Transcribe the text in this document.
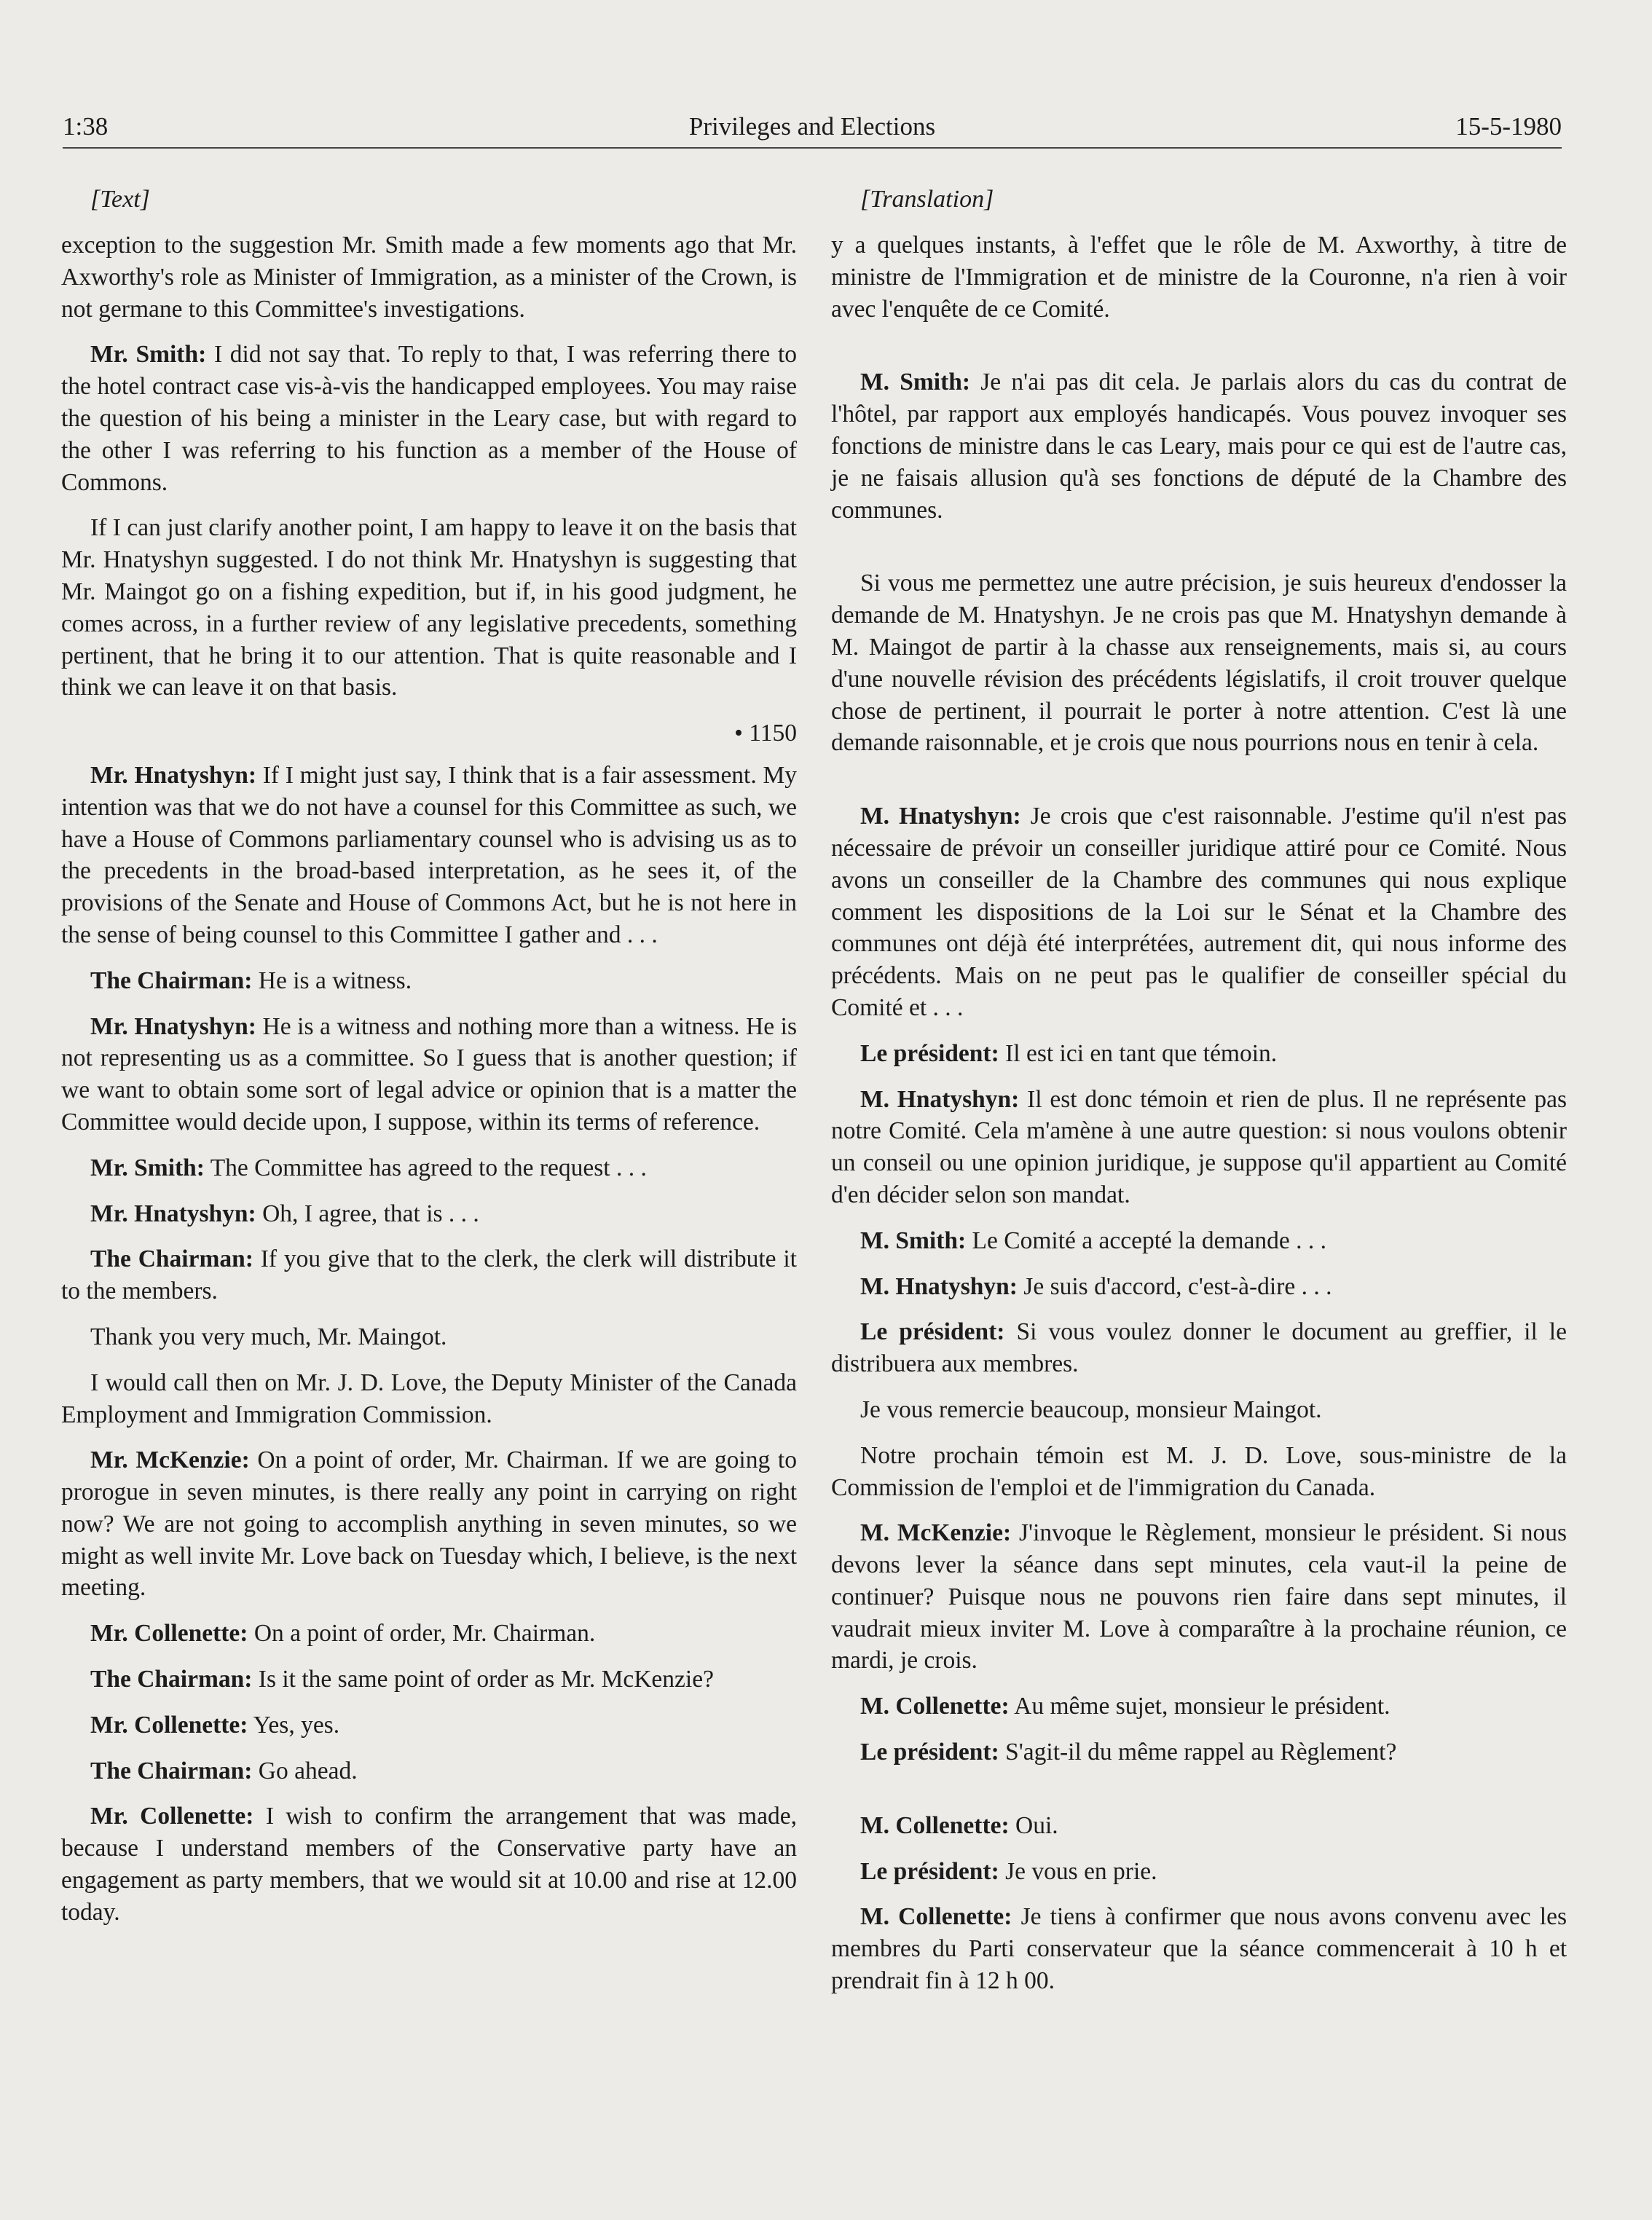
1:38	Privileges and Elections	15-5-1980

[Text]

exception to the suggestion Mr. Smith made a few moments ago that Mr. Axworthy's role as Minister of Immigration, as a minister of the Crown, is not germane to this Committee's investigations.

Mr. Smith: I did not say that. To reply to that, I was referring there to the hotel contract case vis-à-vis the handicapped employees. You may raise the question of his being a minister in the Leary case, but with regard to the other I was referring to his function as a member of the House of Commons.

If I can just clarify another point, I am happy to leave it on the basis that Mr. Hnatyshyn suggested. I do not think Mr. Hnatyshyn is suggesting that Mr. Maingot go on a fishing expedition, but if, in his good judgment, he comes across, in a further review of any legislative precedents, something pertinent, that he bring it to our attention. That is quite reasonable and I think we can leave it on that basis.

• 1150

Mr. Hnatyshyn: If I might just say, I think that is a fair assessment. My intention was that we do not have a counsel for this Committee as such, we have a House of Commons parliamentary counsel who is advising us as to the precedents in the broad-based interpretation, as he sees it, of the provisions of the Senate and House of Commons Act, but he is not here in the sense of being counsel to this Committee I gather and . . .

The Chairman: He is a witness.

Mr. Hnatyshyn: He is a witness and nothing more than a witness. He is not representing us as a committee. So I guess that is another question; if we want to obtain some sort of legal advice or opinion that is a matter the Committee would decide upon, I suppose, within its terms of reference.

Mr. Smith: The Committee has agreed to the request . . .

Mr. Hnatyshyn: Oh, I agree, that is . . .

The Chairman: If you give that to the clerk, the clerk will distribute it to the members.

Thank you very much, Mr. Maingot.

I would call then on Mr. J. D. Love, the Deputy Minister of the Canada Employment and Immigration Commission.

Mr. McKenzie: On a point of order, Mr. Chairman. If we are going to prorogue in seven minutes, is there really any point in carrying on right now? We are not going to accomplish anything in seven minutes, so we might as well invite Mr. Love back on Tuesday which, I believe, is the next meeting.

Mr. Collenette: On a point of order, Mr. Chairman.

The Chairman: Is it the same point of order as Mr. McKenzie?

Mr. Collenette: Yes, yes.

The Chairman: Go ahead.

Mr. Collenette: I wish to confirm the arrangement that was made, because I understand members of the Conservative party have an engagement as party members, that we would sit at 10.00 and rise at 12.00 today.

[Translation]

y a quelques instants, à l'effet que le rôle de M. Axworthy, à titre de ministre de l'Immigration et de ministre de la Couronne, n'a rien à voir avec l'enquête de ce Comité.

M. Smith: Je n'ai pas dit cela. Je parlais alors du cas du contrat de l'hôtel, par rapport aux employés handicapés. Vous pouvez invoquer ses fonctions de ministre dans le cas Leary, mais pour ce qui est de l'autre cas, je ne faisais allusion qu'à ses fonctions de député de la Chambre des communes.

Si vous me permettez une autre précision, je suis heureux d'endosser la demande de M. Hnatyshyn. Je ne crois pas que M. Hnatyshyn demande à M. Maingot de partir à la chasse aux renseignements, mais si, au cours d'une nouvelle révision des précédents législatifs, il croit trouver quelque chose de pertinent, il pourrait le porter à notre attention. C'est là une demande raisonnable, et je crois que nous pourrions nous en tenir à cela.

M. Hnatyshyn: Je crois que c'est raisonnable. J'estime qu'il n'est pas nécessaire de prévoir un conseiller juridique attiré pour ce Comité. Nous avons un conseiller de la Chambre des communes qui nous explique comment les dispositions de la Loi sur le Sénat et la Chambre des communes ont déjà été interprétées, autrement dit, qui nous informe des précédents. Mais on ne peut pas le qualifier de conseiller spécial du Comité et . . .

Le président: Il est ici en tant que témoin.

M. Hnatyshyn: Il est donc témoin et rien de plus. Il ne représente pas notre Comité. Cela m'amène à une autre question: si nous voulons obtenir un conseil ou une opinion juridique, je suppose qu'il appartient au Comité d'en décider selon son mandat.

M. Smith: Le Comité a accepté la demande . . .

M. Hnatyshyn: Je suis d'accord, c'est-à-dire . . .

Le président: Si vous voulez donner le document au greffier, il le distribuera aux membres.

Je vous remercie beaucoup, monsieur Maingot.

Notre prochain témoin est M. J. D. Love, sous-ministre de la Commission de l'emploi et de l'immigration du Canada.

M. McKenzie: J'invoque le Règlement, monsieur le président. Si nous devons lever la séance dans sept minutes, cela vaut-il la peine de continuer? Puisque nous ne pouvons rien faire dans sept minutes, il vaudrait mieux inviter M. Love à comparaître à la prochaine réunion, ce mardi, je crois.

M. Collenette: Au même sujet, monsieur le président.

Le président: S'agit-il du même rappel au Règlement?

M. Collenette: Oui.

Le président: Je vous en prie.

M. Collenette: Je tiens à confirmer que nous avons convenu avec les membres du Parti conservateur que la séance commencerait à 10 h et prendrait fin à 12 h 00.
